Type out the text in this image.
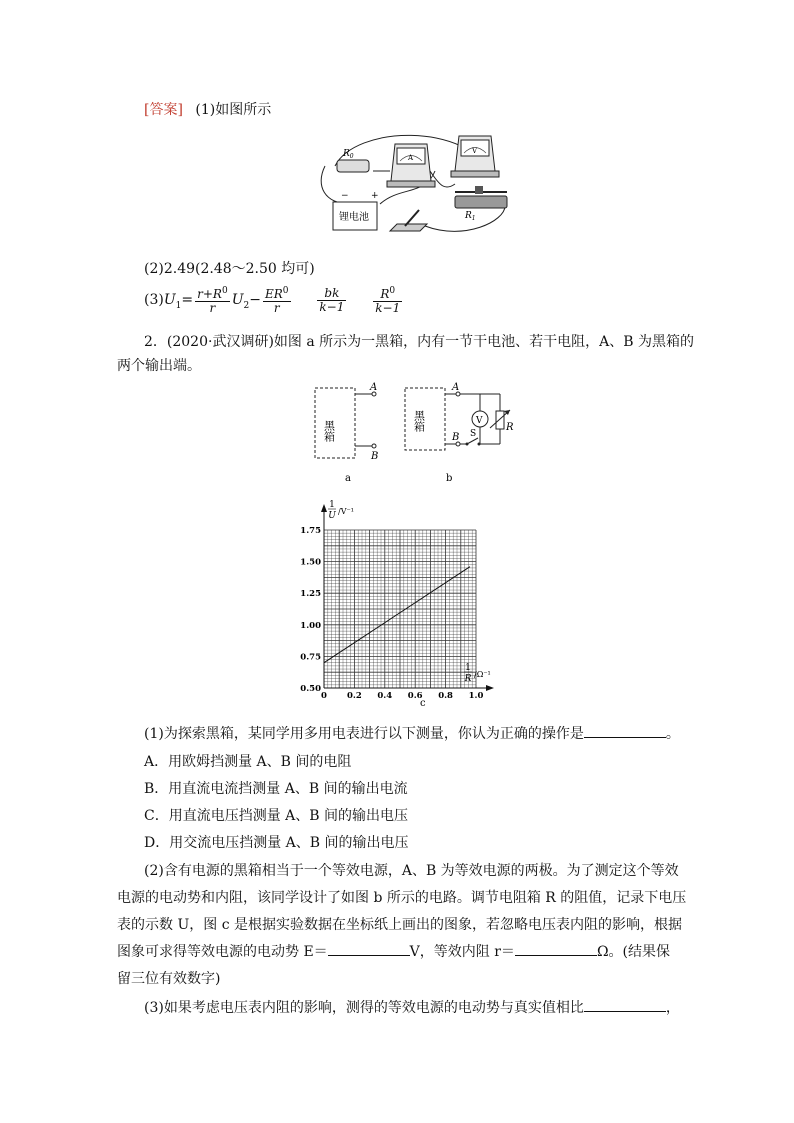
[答案] (1)如图所示
$R_0$	A
V
$R_1$
锂电池
− +
(2)2.49(2.48～2.50 均可)
$(3)U_1= \frac{r+R^0}{r} U_2- \frac{ER^0}{r}$
$\frac{bk}{k-1}$
$\frac{R^0}{k-1}$
2．(2020·武汉调研)如图 a 所示为一黑箱，内有一节干电池、若干电阻，A、B 为黑箱的
两个输出端。
黑箱
A
B
a
黑箱
S
V
R
A
B
b
0 0.2 0.4 0.6 0.8 1.0
0.50
0.75
1.00
1.25
1.50
1.75
1
U /V⁻¹
1
R /Ω⁻¹
c
(1)为探索黑箱，某同学用多用电表进行以下测量，你认为正确的操作是	。
A．用欧姆挡测量 A、B 间的电阻
B．用直流电流挡测量 A、B 间的输出电流
C．用直流电压挡测量 A、B 间的输出电压
D．用交流电压挡测量 A、B 间的输出电压
(2)含有电源的黑箱相当于一个等效电源，A、B 为等效电源的两极。为了测定这个等效
电源的电动势和内阻，该同学设计了如图 b 所示的电路。调节电阻箱 R 的阻值，记录下电压
表的示数 U，图 c 是根据实验数据在坐标纸上画出的图象，若忽略电压表内阻的影响，根据
图象可求得等效电源的电动势 E＝	V，等效内阻 r＝	Ω。(结果保
留三位有效数字)
(3)如果考虑电压表内阻的影响，测得的等效电源的电动势与真实值相比	，
